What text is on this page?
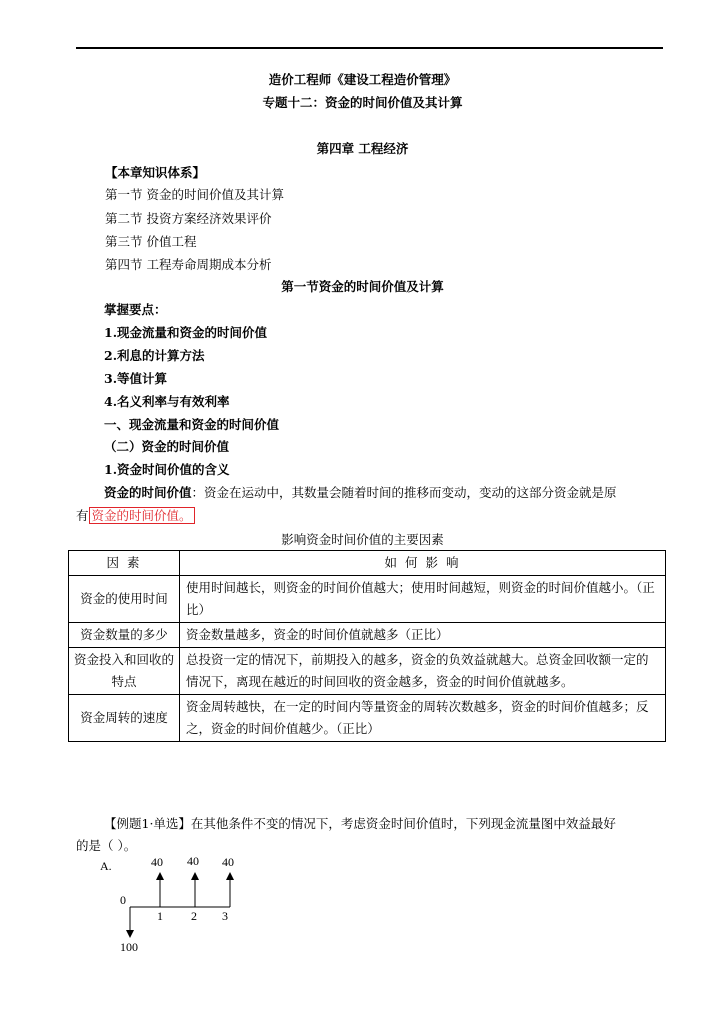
造价工程师《建设工程造价管理》
专题十二：资金的时间价值及其计算
第四章 工程经济
【本章知识体系】
第一节 资金的时间价值及其计算
第二节 投资方案经济效果评价
第三节 价值工程
第四节 工程寿命周期成本分析
第一节资金的时间价值及计算
掌握要点：
1.现金流量和资金的时间价值
2.利息的计算方法
3.等值计算
4.名义利率与有效利率
一、现金流量和资金的时间价值
（二）资金的时间价值
1.资金时间价值的含义
资金的时间价值：资金在运动中，其数量会随着时间的推移而变动，变动的这部分资金就是原
有 资金的时间价值。
影响资金时间价值的主要因素
因 素	如 何 影 响
资金的使用时间	使用时间越长，则资金的时间价值越大；使用时间越短，则资金的时间价值越小。（正比）
资金数量的多少	资金数量越多，资金的时间价值就越多（正比）
资金投入和回收的特点	总投资一定的情况下，前期投入的越多，资金的负效益就越大。总资金回收额一定的情况下，离现在越近的时间回收的资金越多，资金的时间价值就越多。
资金周转的速度	资金周转越快，在一定的时间内等量资金的周转次数越多，资金的时间价值越多；反之，资金的时间价值越少。（正比）
【例题1·单选】在其他条件不变的情况下，考虑资金时间价值时，下列现金流量图中效益最好
的是（ ）。
A.	40 40 40
0
1 2 3
100
